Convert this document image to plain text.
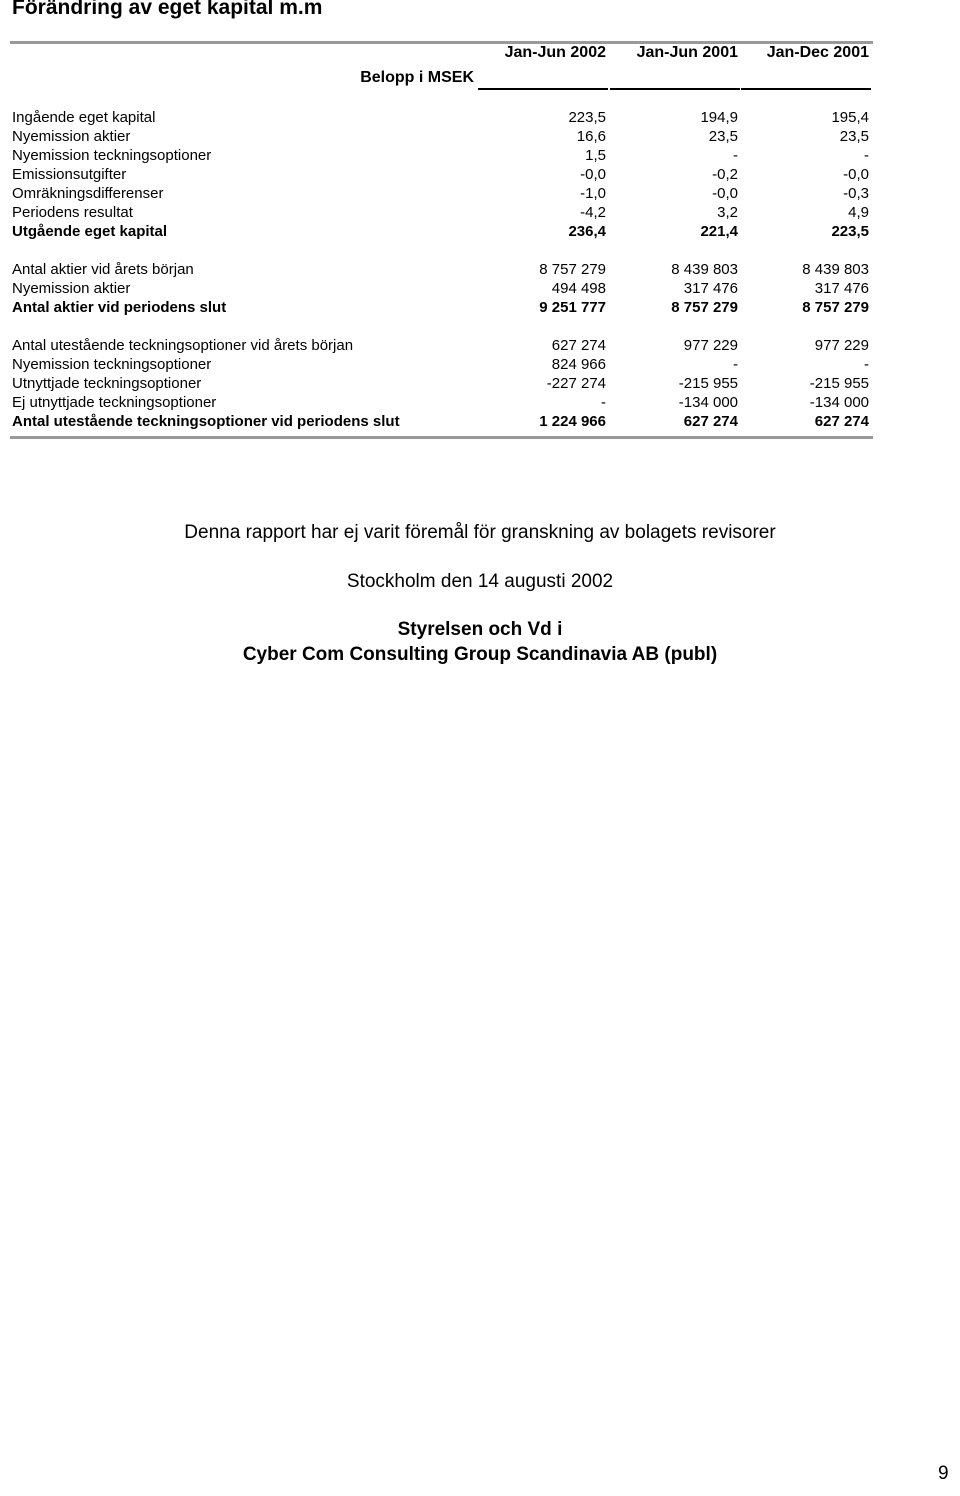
Förändring av eget kapital m.m
Jan-Jun 2002	Jan-Jun 2001	Jan-Dec 2001
Belopp i MSEK
Ingående eget kapital	223,5	194,9	195,4
Nyemission aktier	16,6	23,5	23,5
Nyemission teckningsoptioner	1,5	-	-
Emissionsutgifter	-0,0	-0,2	-0,0
Omräkningsdifferenser	-1,0	-0,0	-0,3
Periodens resultat	-4,2	3,2	4,9
Utgående eget kapital	236,4	221,4	223,5
Antal aktier vid årets början	8 757 279	8 439 803	8 439 803
Nyemission aktier	494 498	317 476	317 476
Antal aktier vid periodens slut	9 251 777	8 757 279	8 757 279
Antal utestående teckningsoptioner vid årets början	627 274	977 229	977 229
Nyemission teckningsoptioner	824 966	-	-
Utnyttjade teckningsoptioner	-227 274	-215 955	-215 955
Ej utnyttjade teckningsoptioner	-	-134 000	-134 000
Antal utestående teckningsoptioner vid periodens slut	1 224 966	627 274	627 274
Denna rapport har ej varit föremål för granskning av bolagets revisorer
Stockholm den 14 augusti 2002
Styrelsen och Vd i
Cyber Com Consulting Group Scandinavia AB (publ)
9
